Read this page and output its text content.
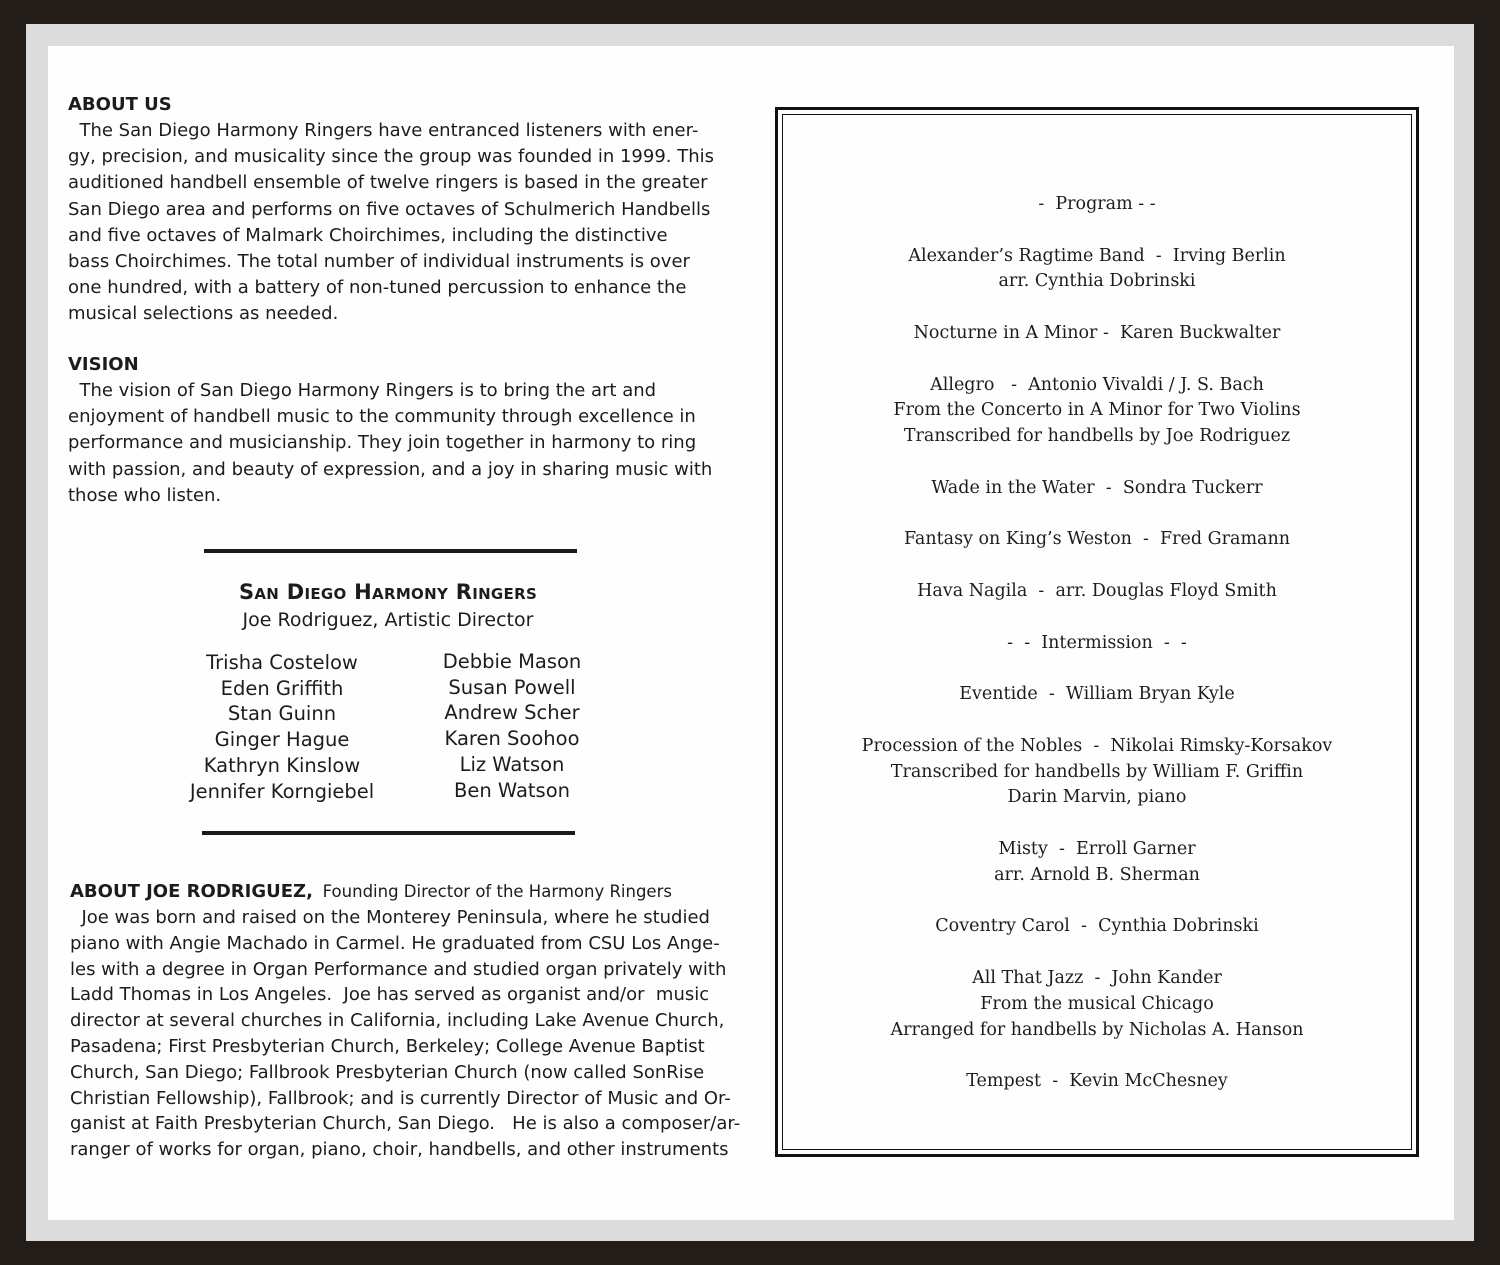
ABOUT US
The San Diego Harmony Ringers have entranced listeners with ener-
gy, precision, and musicality since the group was founded in 1999. This
auditioned handbell ensemble of twelve ringers is based in the greater
San Diego area and performs on five octaves of Schulmerich Handbells
and five octaves of Malmark Choirchimes, including the distinctive
bass Choirchimes. The total number of individual instruments is over
one hundred, with a battery of non-tuned percussion to enhance the
musical selections as needed.
VISION
The vision of San Diego Harmony Ringers is to bring the art and
enjoyment of handbell music to the community through excellence in
performance and musicianship. They join together in harmony to ring
with passion, and beauty of expression, and a joy in sharing music with
those who listen.
San Diego Harmony Ringers
Joe Rodriguez, Artistic Director
Trisha Costelow
Eden Griffith
Stan Guinn
Ginger Hague
Kathryn Kinslow
Jennifer Korngiebel
Debbie Mason
Susan Powell
Andrew Scher
Karen Soohoo
Liz Watson
Ben Watson
ABOUT JOE RODRIGUEZ, Founding Director of the Harmony Ringers
Joe was born and raised on the Monterey Peninsula, where he studied
piano with Angie Machado in Carmel. He graduated from CSU Los Ange-
les with a degree in Organ Performance and studied organ privately with
Ladd Thomas in Los Angeles.  Joe has served as organist and/or  music
director at several churches in California, including Lake Avenue Church,
Pasadena; First Presbyterian Church, Berkeley; College Avenue Baptist
Church, San Diego; Fallbrook Presbyterian Church (now called SonRise
Christian Fellowship), Fallbrook; and is currently Director of Music and Or-
ganist at Faith Presbyterian Church, San Diego.   He is also a composer/ar-
ranger of works for organ, piano, choir, handbells, and other instruments
-  Program - -
Alexander’s Ragtime Band  -  Irving Berlin
arr. Cynthia Dobrinski
Nocturne in A Minor -  Karen Buckwalter
Allegro   -  Antonio Vivaldi / J. S. Bach
From the Concerto in A Minor for Two Violins
Transcribed for handbells by Joe Rodriguez
Wade in the Water  -  Sondra Tuckerr
Fantasy on King’s Weston  -  Fred Gramann
Hava Nagila  -  arr. Douglas Floyd Smith
-  -  Intermission  -  -
Eventide  -  William Bryan Kyle
Procession of the Nobles  -  Nikolai Rimsky-Korsakov
Transcribed for handbells by William F. Griffin
Darin Marvin, piano
Misty  -  Erroll Garner
arr. Arnold B. Sherman
Coventry Carol  -  Cynthia Dobrinski
All That Jazz  -  John Kander
From the musical Chicago
Arranged for handbells by Nicholas A. Hanson
Tempest  -  Kevin McChesney
